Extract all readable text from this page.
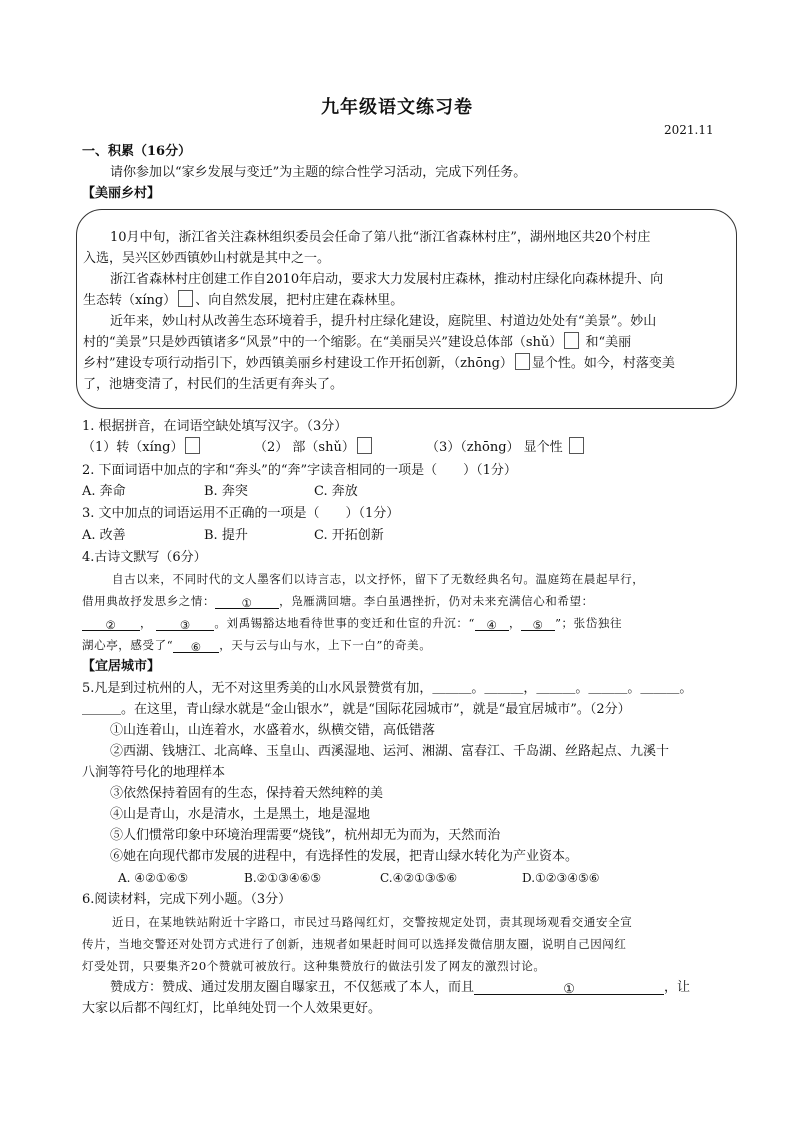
九年级语文练习卷
2021.11
一、积累（16分）
请你参加以“家乡发展与变迁”为主题的综合性学习活动，完成下列任务。
【美丽乡村】
10月中旬，浙江省关注森林组织委员会任命了第八批“浙江省森林村庄”，湖州地区共20个村庄
入选，吴兴区妙西镇妙山村就是其中之一。
浙江省森林村庄创建工作自2010年启动，要求大力发展村庄森林，推动村庄绿化向森林提升、向
生态转（xíng） 、向自然发展，把村庄建在森林里。
近年来，妙山村从改善生态环境着手，提升村庄绿化建设，庭院里、村道边处处有“美景”。妙山
村的“美景”只是妙西镇诸多“风景”中的一个缩影。在“美丽吴兴”建设总体部（shǔ） 和“美丽
乡村”建设专项行动指引下，妙西镇美丽乡村建设工作开拓创新，（zhōng） 显个性。如今，村落变美
了，池塘变清了，村民们的生活更有奔头了。
1. 根据拼音，在词语空缺处填写汉字。（3分）
（1）转（xíng）	（2） 部（shǔ）	（3）（zhōng） 显个性
2. 下面词语中加点的字和“奔头”的“奔”字读音相同的一项是（　　）（1分）
A. 奔命	B. 奔突	C. 奔放
3. 文中加点的词语运用不正确的一项是（　　）（1分）
A. 改善	B. 提升	C. 开拓创新
4.古诗文默写（6分）
自古以来，不同时代的文人墨客们以诗言志，以文抒怀，留下了无数经典名句。温庭筠在晨起早行，
借用典故抒发思乡之情： ① ，凫雁满回塘。李白虽遇挫折，仍对未来充满信心和希望：
② ， ③ 。刘禹锡豁达地看待世事的变迁和仕宦的升沉：“ ④ ， ⑤ ”；张岱独往
湖心亭，感受了“ ⑥ ，天与云与山与水，上下一白”的奇美。
【宜居城市】
5.凡是到过杭州的人，无不对这里秀美的山水风景赞赏有加，＿＿＿。＿＿＿，＿＿＿。＿＿＿。＿＿＿。
＿＿＿。在这里，青山绿水就是“金山银水”，就是“国际花园城市”，就是“最宜居城市”。（2分）
①山连着山，山连着水，水盛着水，纵横交错，高低错落
②西湖、钱塘江、北高峰、玉皇山、西溪湿地、运河、湘湖、富春江、千岛湖、丝路起点、九溪十
八涧等符号化的地理样本
③依然保持着固有的生态，保持着天然纯粹的美
④山是青山，水是清水，土是黑土，地是湿地
⑤人们惯常印象中环境治理需要“烧钱”，杭州却无为而为，天然而治
⑥她在向现代都市发展的进程中，有选择性的发展，把青山绿水转化为产业资本。
A. ④②①⑥⑤	B.②①③④⑥⑤	C.④②①③⑤⑥	D.①②③④⑤⑥
6.阅读材料，完成下列小题。（3分）
近日，在某地铁站附近十字路口，市民过马路闯红灯，交警按规定处罚，责其现场观看交通安全宣
传片，当地交警还对处罚方式进行了创新，违规者如果赶时间可以选择发微信朋友圈，说明自己因闯红
灯受处罚，只要集齐20个赞就可被放行。这种集赞放行的做法引发了网友的激烈讨论。
赞成方：赞成、通过发朋友圈自曝家丑，不仅惩戒了本人，而且	①	，让
大家以后都不闯红灯，比单纯处罚一个人效果更好。
